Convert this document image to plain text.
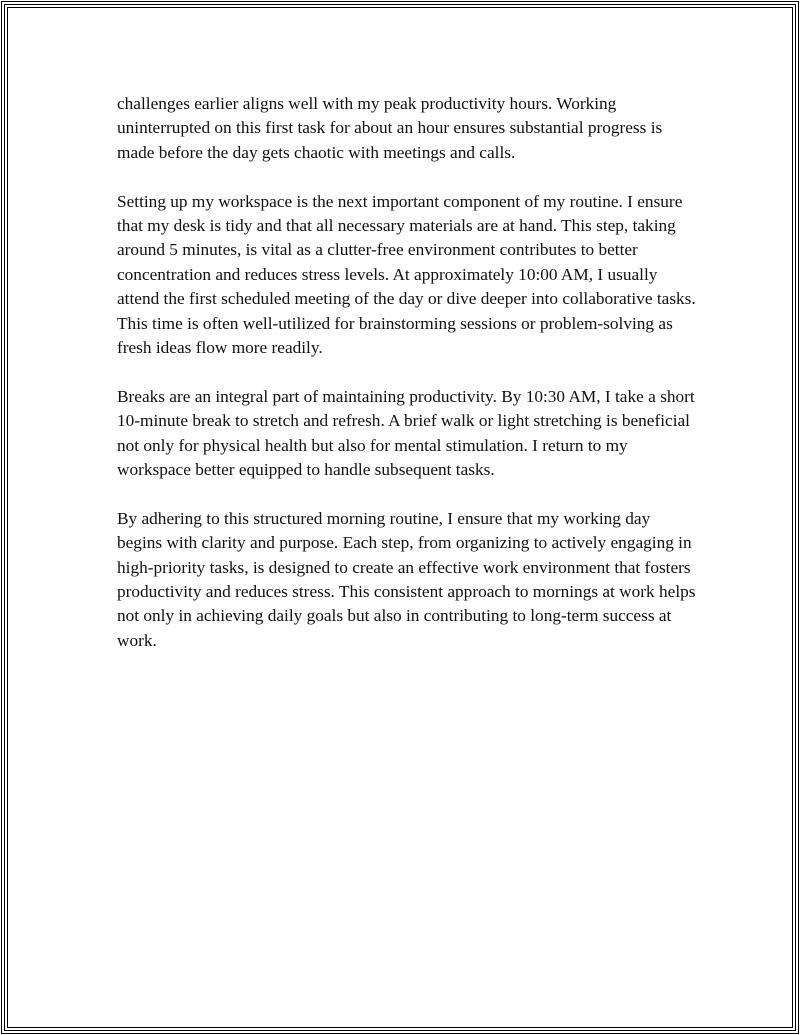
challenges earlier aligns well with my peak productivity hours. Working uninterrupted on this first task for about an hour ensures substantial progress is made before the day gets chaotic with meetings and calls.

Setting up my workspace is the next important component of my routine. I ensure that my desk is tidy and that all necessary materials are at hand. This step, taking around 5 minutes, is vital as a clutter-free environment contributes to better concentration and reduces stress levels. At approximately 10:00 AM, I usually attend the first scheduled meeting of the day or dive deeper into collaborative tasks. This time is often well-utilized for brainstorming sessions or problem-solving as fresh ideas flow more readily.

Breaks are an integral part of maintaining productivity. By 10:30 AM, I take a short 10-minute break to stretch and refresh. A brief walk or light stretching is beneficial not only for physical health but also for mental stimulation. I return to my workspace better equipped to handle subsequent tasks.

By adhering to this structured morning routine, I ensure that my working day begins with clarity and purpose. Each step, from organizing to actively engaging in high-priority tasks, is designed to create an effective work environment that fosters productivity and reduces stress. This consistent approach to mornings at work helps not only in achieving daily goals but also in contributing to long-term success at work.
